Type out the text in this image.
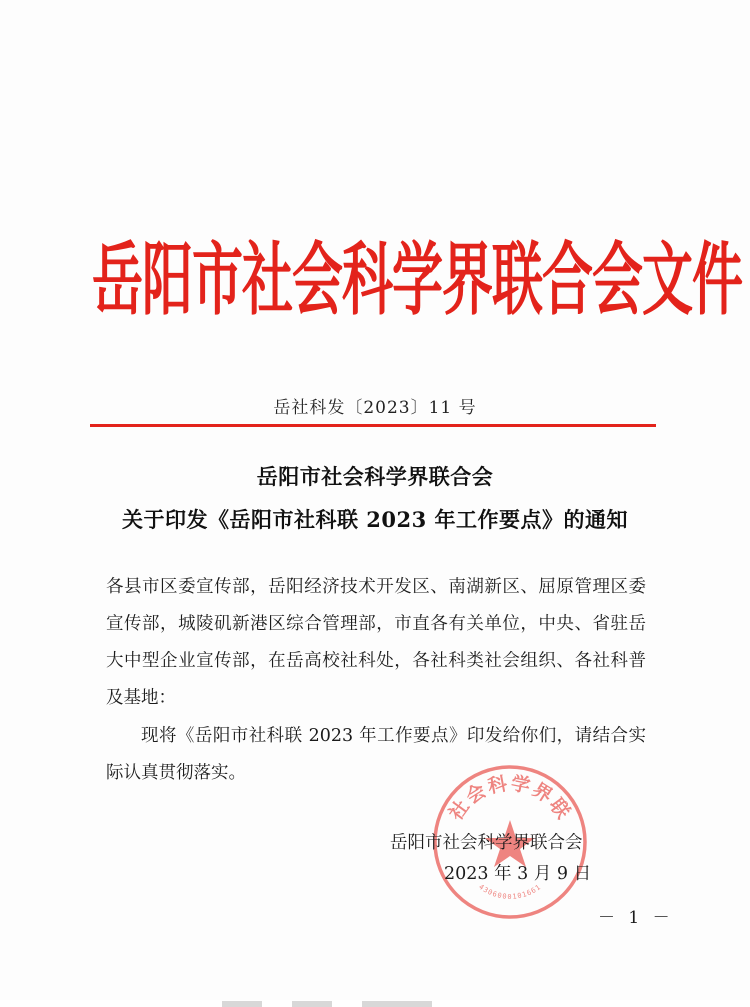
岳阳市社会科学界联合会文件
岳社科发〔2023〕11 号
岳阳市社会科学界联合会
关于印发《岳阳市社科联 2023 年工作要点》的通知
各县市区委宣传部，岳阳经济技术开发区、南湖新区、屈原管理区委宣传部，城陵矶新港区综合管理部，市直各有关单位，中央、省驻岳大中型企业宣传部，在岳高校社科处，各社科类社会组织、各社科普及基地：
现将《岳阳市社科联 2023 年工作要点》印发给你们，请结合实际认真贯彻落实。
社会科学界联
4306000101661
岳阳市社会科学界联合会
2023 年 3 月 9 日
－ 1 －
